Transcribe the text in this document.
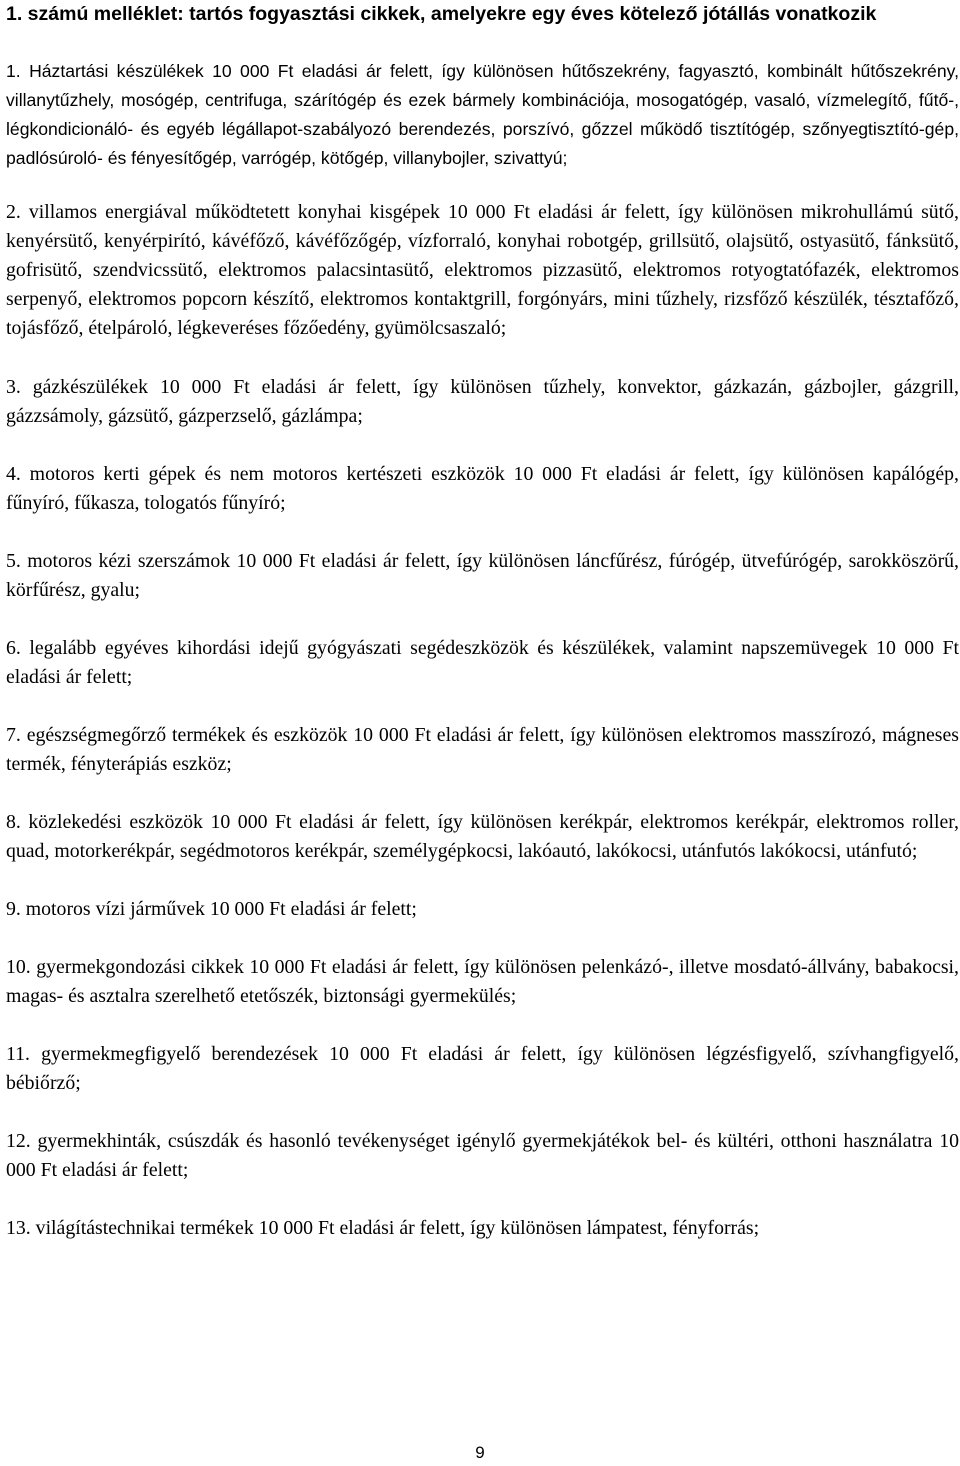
1. számú melléklet: tartós fogyasztási cikkek, amelyekre egy éves kötelező jótállás vonatkozik

1. Háztartási készülékek 10 000 Ft eladási ár felett, így különösen hűtőszekrény, fagyasztó, kombinált hűtőszekrény, villanytűzhely, mosógép, centrifuga, szárítógép és ezek bármely kombinációja, mosogatógép, vasaló, vízmelegítő, fűtő-, légkondicionáló- és egyéb légállapot-szabályozó berendezés, porszívó, gőzzel működő tisztítógép, szőnyegtisztító-gép, padlósúroló- és fényesítőgép, varrógép, kötőgép, villanybojler, szivattyú;

2. villamos energiával működtetett konyhai kisgépek 10 000 Ft eladási ár felett, így különösen mikrohullámú sütő, kenyérsütő, kenyérpirító, kávéfőző, kávéfőzőgép, vízforraló, konyhai robotgép, grillsütő, olajsütő, ostyasütő, fánksütő, gofrisütő, szendvicssütő, elektromos palacsintasütő, elektromos pizzasütő, elektromos rotyogtatófazék, elektromos serpenyő, elektromos popcorn készítő, elektromos kontaktgrill, forgónyárs, mini tűzhely, rizsfőző készülék, tésztafőző, tojásfőző, ételpároló, légkeveréses főzőedény, gyümölcsaszaló;

3. gázkészülékek 10 000 Ft eladási ár felett, így különösen tűzhely, konvektor, gázkazán, gázbojler, gázgrill, gázzsámoly, gázsütő, gázperzselő, gázlámpa;

4. motoros kerti gépek és nem motoros kertészeti eszközök 10 000 Ft eladási ár felett, így különösen kapálógép, fűnyíró, fűkasza, tologatós fűnyíró;

5. motoros kézi szerszámok 10 000 Ft eladási ár felett, így különösen láncfűrész, fúrógép, ütvefúrógép, sarokköszörű, körfűrész, gyalu;

6. legalább egyéves kihordási idejű gyógyászati segédeszközök és készülékek, valamint napszemüvegek 10 000 Ft eladási ár felett;

7. egészségmegőrző termékek és eszközök 10 000 Ft eladási ár felett, így különösen elektromos masszírozó, mágneses termék, fényterápiás eszköz;

8. közlekedési eszközök 10 000 Ft eladási ár felett, így különösen kerékpár, elektromos kerékpár, elektromos roller, quad, motorkerékpár, segédmotoros kerékpár, személygépkocsi, lakóautó, lakókocsi, utánfutós lakókocsi, utánfutó;

9. motoros vízi járművek 10 000 Ft eladási ár felett;

10. gyermekgondozási cikkek 10 000 Ft eladási ár felett, így különösen pelenkázó-, illetve mosdató-állvány, babakocsi, magas- és asztalra szerelhető etetőszék, biztonsági gyermekülés;

11. gyermekmegfigyelő berendezések 10 000 Ft eladási ár felett, így különösen légzésfigyelő, szívhangfigyelő, bébiőrző;

12. gyermekhinták, csúszdák és hasonló tevékenységet igénylő gyermekjátékok bel- és kültéri, otthoni használatra 10 000 Ft eladási ár felett;

13. világítástechnikai termékek 10 000 Ft eladási ár felett, így különösen lámpatest, fényforrás;

9
